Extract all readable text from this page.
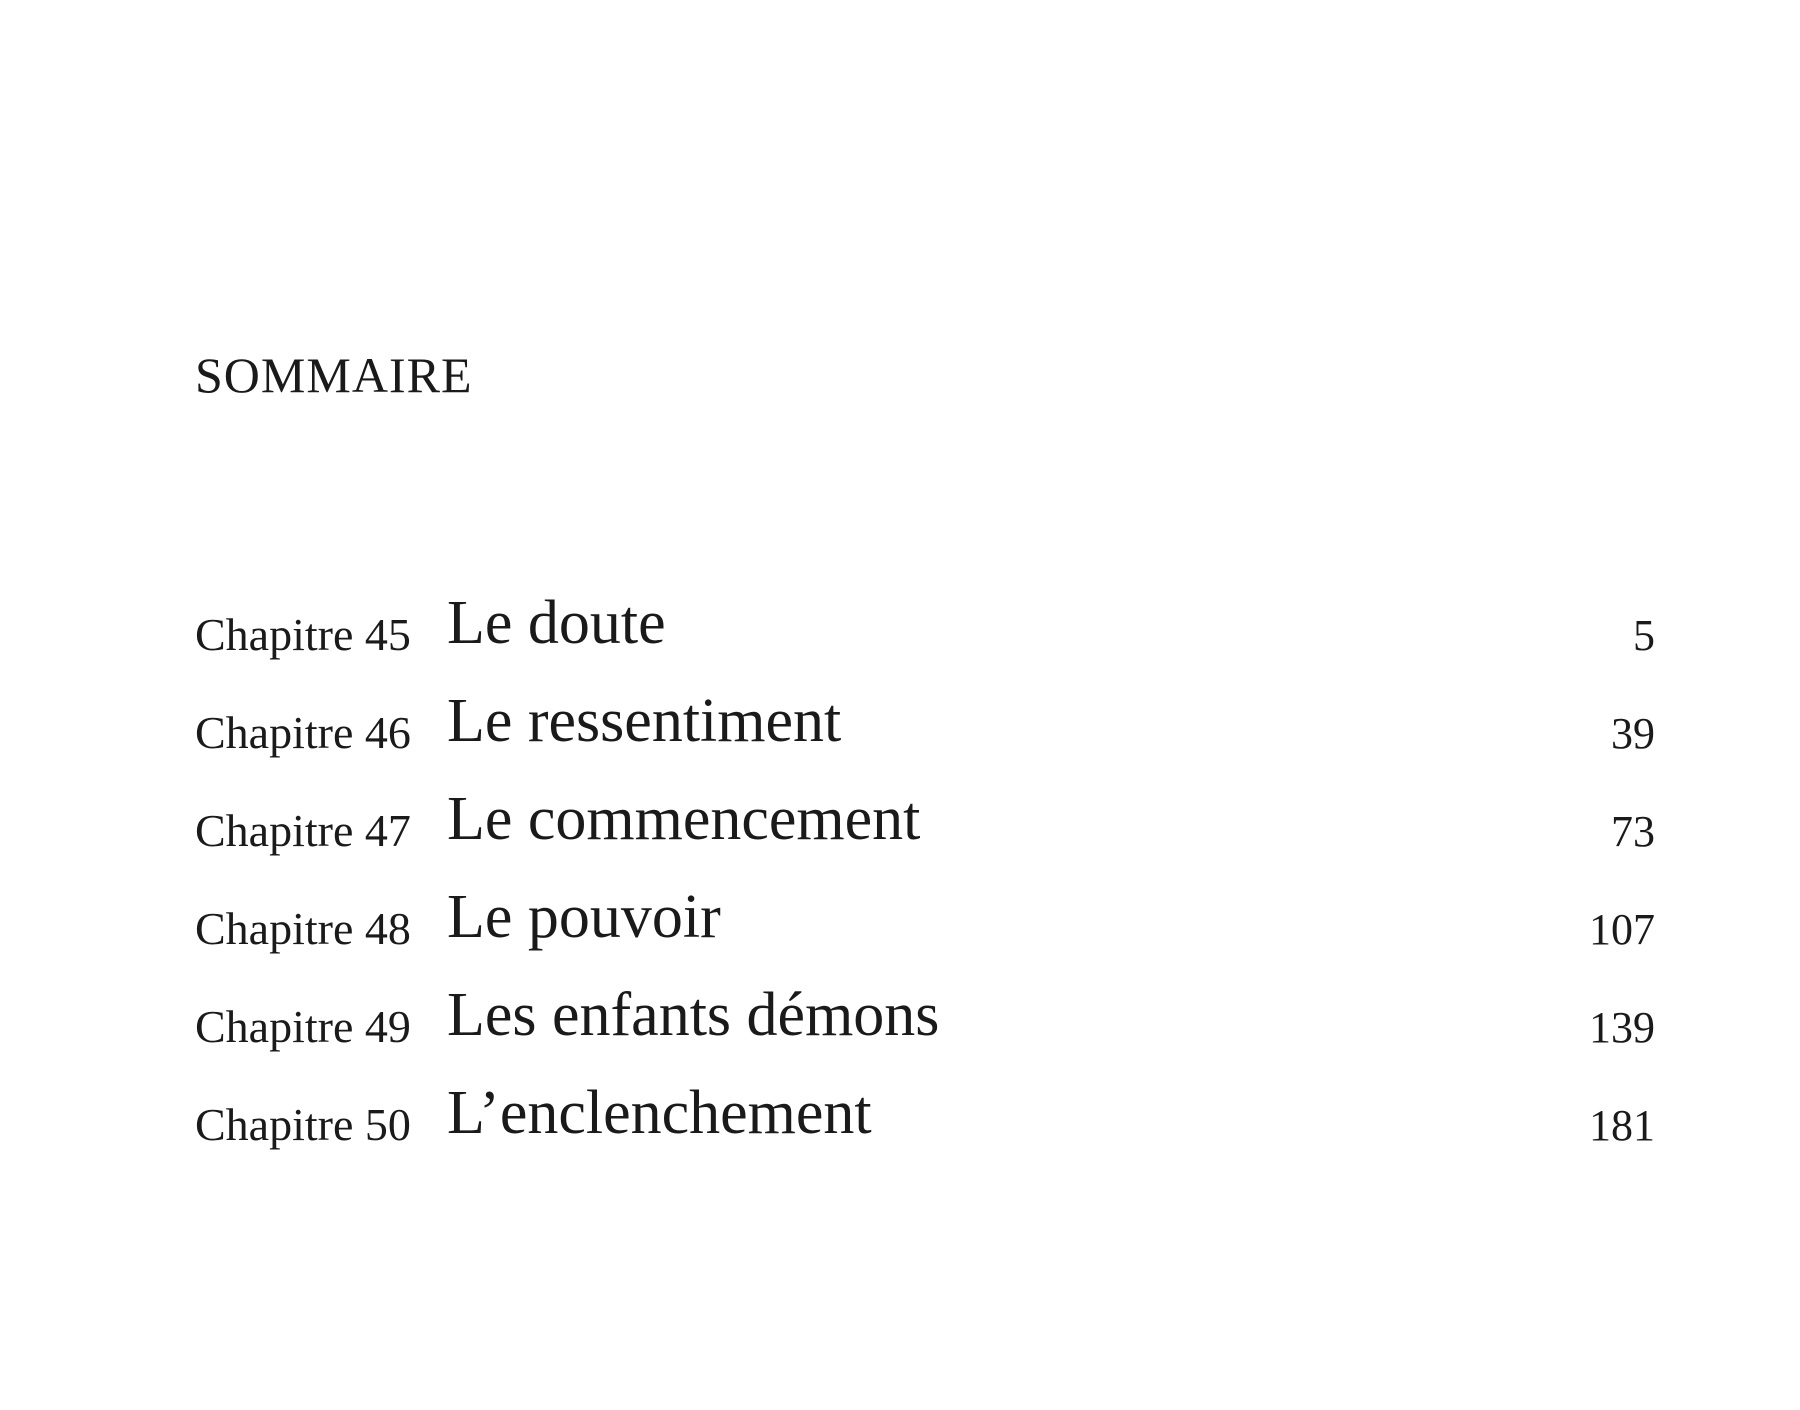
SOMMAIRE
Chapitre 45 Le doute	5
Chapitre 46 Le ressentiment	39
Chapitre 47 Le commencement	73
Chapitre 48 Le pouvoir	107
Chapitre 49 Les enfants démons	139
Chapitre 50 L’enclenchement	181
